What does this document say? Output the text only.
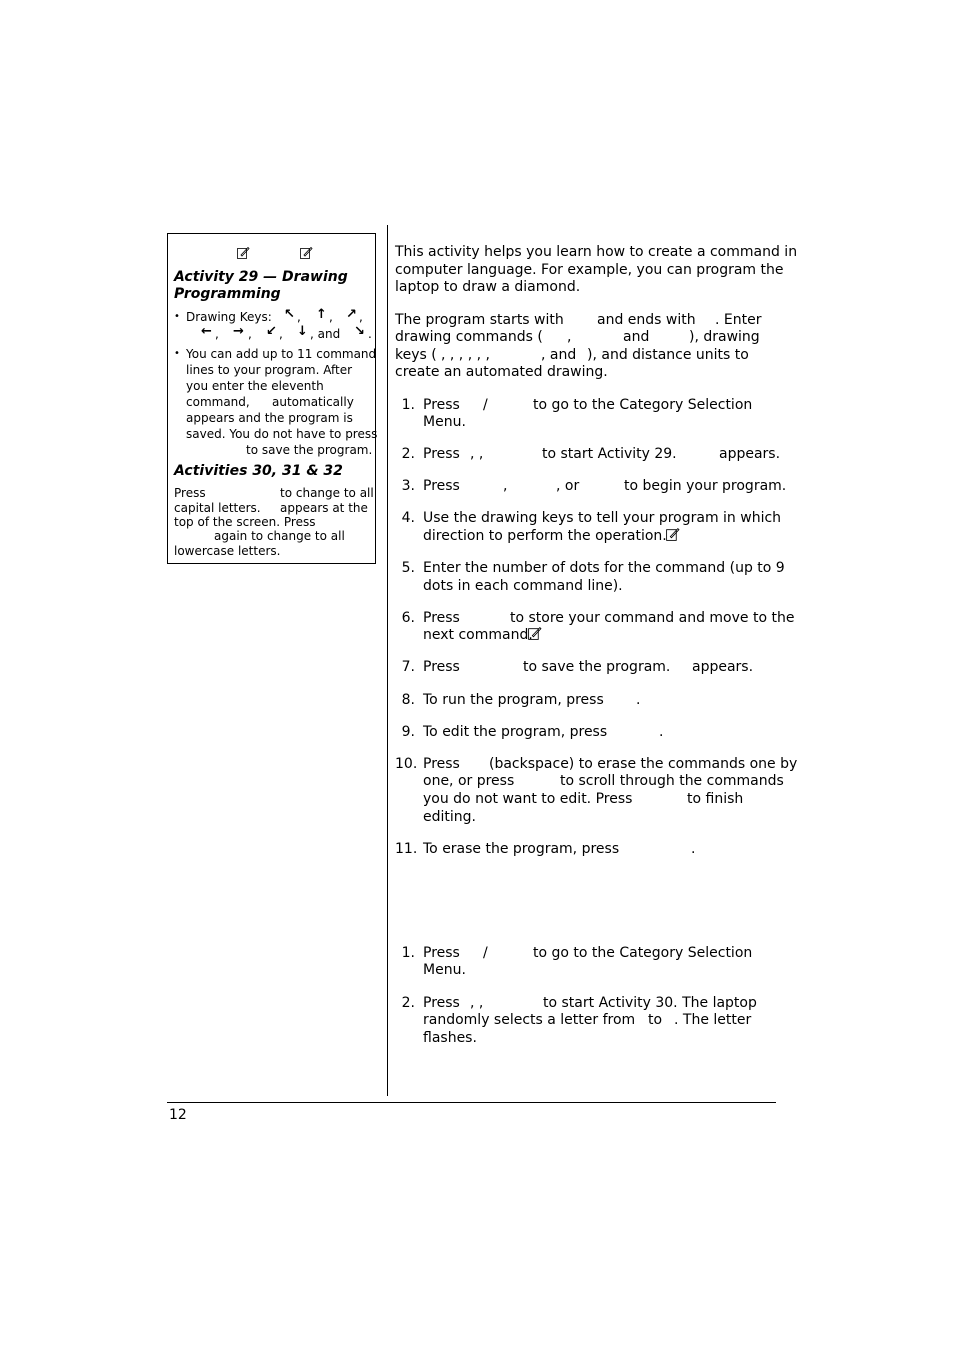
Activity 29 — Drawing
Programming
• Drawing Keys: ↖ , ↑ , ↗ ,
← , → , ↙ , ↓ , and ↘ .
• You can add up to 11 command
lines to your program. After
you enter the eleventh
command, automatically
appears and the program is
saved. You do not have to press
to save the program.
Activities 30, 31 & 32
Press	to change to all
capital letters. appears at the
top of the screen. Press
again to change to all
lowercase letters.
This activity helps you learn how to create a command in
computer language. For example, you can program the
laptop to draw a diamond.
The program starts with and ends with . Enter
drawing commands ( ,	and	), drawing
keys ( , , , , , ,	, and ), and distance units to
create an automated drawing.
1. Press /	to go to the Category Selection
Menu.
2. Press , ,	to start Activity 29.	appears.
3. Press	,	, or	to begin your program.
4. Use the drawing keys to tell your program in which
direction to perform the operation.
5. Enter the number of dots for the command (up to 9
dots in each command line).
6. Press	to store your command and move to the
next command.
7. Press	to save the program. appears.
8. To run the program, press .
9. To edit the program, press	.
10. Press (backspace) to erase the commands one by
one, or press	to scroll through the commands
you do not want to edit. Press	to finish
editing.
11. To erase the program, press	.
1. Press /	to go to the Category Selection
Menu.
2. Press , ,	to start Activity 30. The laptop
randomly selects a letter from to . The letter
flashes.
12
